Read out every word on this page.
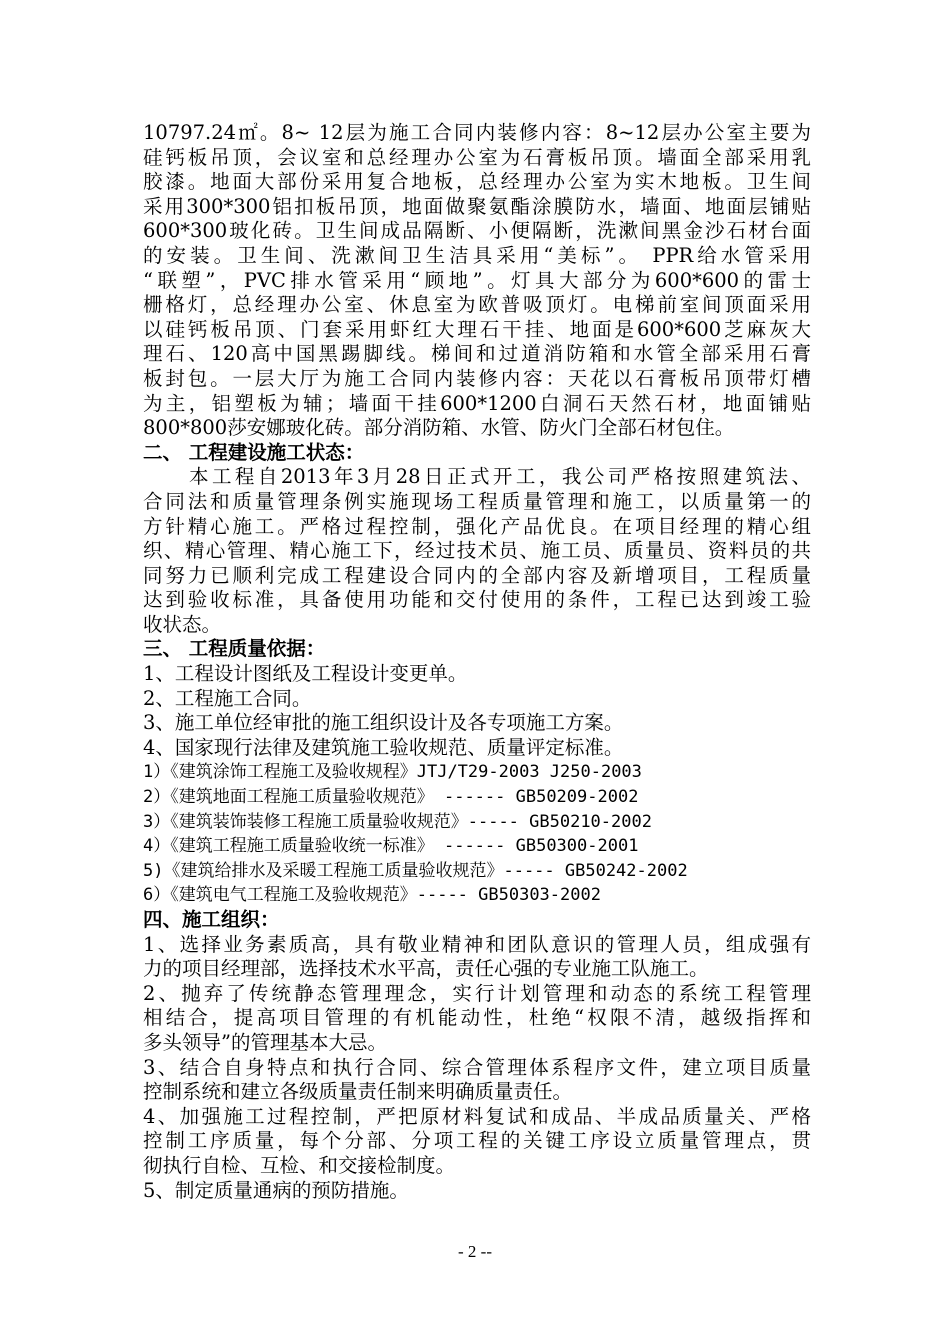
10797.24㎡。8~ 12层为施工合同内装修内容：8~12层办公室主要为
硅钙板吊顶，会议室和总经理办公室为石膏板吊顶。墙面全部采用乳
胶漆。地面大部份采用复合地板，总经理办公室为实木地板。卫生间
采用300*300铝扣板吊顶，地面做聚氨酯涂膜防水，墙面、地面层铺贴
600*300玻化砖。卫生间成品隔断、小便隔断，洗漱间黑金沙石材台面
的安装。卫生间、洗漱间卫生洁具采用“美标”。 PPR给水管采用
“联塑”，PVC排水管采用“顾地”。灯具大部分为600*600的雷士
栅格灯，总经理办公室、休息室为欧普吸顶灯。电梯前室间顶面采用
以硅钙板吊顶、门套采用虾红大理石干挂、地面是600*600芝麻灰大
理石、120高中国黑踢脚线。梯间和过道消防箱和水管全部采用石膏
板封包。一层大厅为施工合同内装修内容：天花以石膏板吊顶带灯槽
为主，铝塑板为辅；墙面干挂600*1200白洞石天然石材，地面铺贴
800*800莎安娜玻化砖。部分消防箱、水管、防火门全部石材包住。
二、 工程建设施工状态：
本工程自2013年3月28日正式开工，我公司严格按照建筑法、
合同法和质量管理条例实施现场工程质量管理和施工，以质量第一的
方针精心施工。严格过程控制，强化产品优良。在项目经理的精心组
织、精心管理、精心施工下，经过技术员、施工员、质量员、资料员的共
同努力已顺利完成工程建设合同内的全部内容及新增项目，工程质量
达到验收标准，具备使用功能和交付使用的条件，工程已达到竣工验
收状态。
三、 工程质量依据：
1、工程设计图纸及工程设计变更单。
2、工程施工合同。
3、施工单位经审批的施工组织设计及各专项施工方案。
4、国家现行法律及建筑施工验收规范、质量评定标准。
1）《建筑涂饰工程施工及验收规程》JTJ/T29-2003 J250-2003
2）《建筑地面工程施工质量验收规范》 ------ GB50209-2002
3）《建筑装饰装修工程施工质量验收规范》----- GB50210-2002
4）《建筑工程施工质量验收统一标准》 ------ GB50300-2001
5)《建筑给排水及采暖工程施工质量验收规范》----- GB50242-2002
6）《建筑电气工程施工及验收规范》----- GB50303-2002
四、施工组织：
1、选择业务素质高，具有敬业精神和团队意识的管理人员，组成强有
力的项目经理部，选择技术水平高，责任心强的专业施工队施工。
2、抛弃了传统静态管理理念，实行计划管理和动态的系统工程管理
相结合，提高项目管理的有机能动性，杜绝“权限不清，越级指挥和
多头领导”的管理基本大忌。
3、结合自身特点和执行合同、综合管理体系程序文件，建立项目质量
控制系统和建立各级质量责任制来明确质量责任。
4、加强施工过程控制，严把原材料复试和成品、半成品质量关、严格
控制工序质量，每个分部、分项工程的关键工序设立质量管理点，贯
彻执行自检、互检、和交接检制度。
5、制定质量通病的预防措施。
- 2 --
